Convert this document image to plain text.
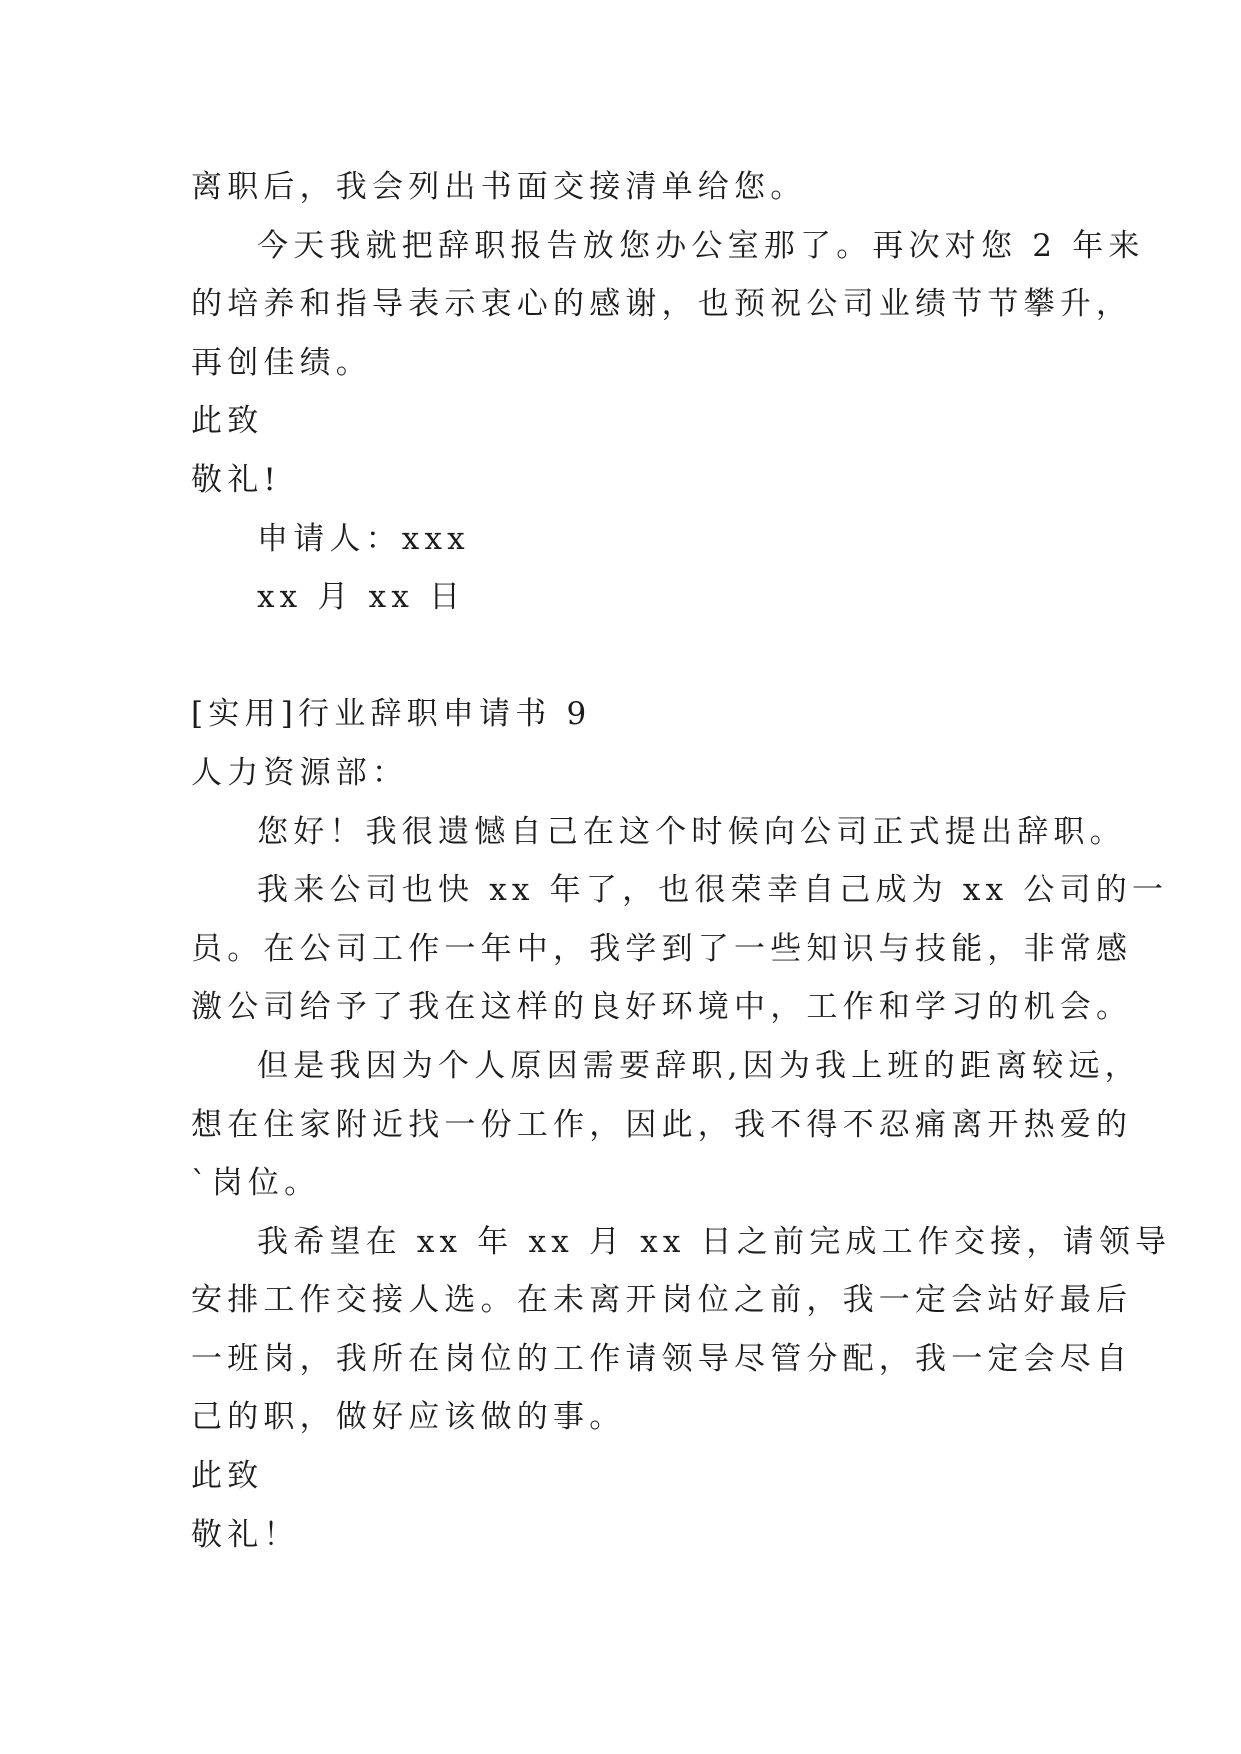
离职后，我会列出书面交接清单给您。
今天我就把辞职报告放您办公室那了。再次对您 2 年来
的培养和指导表示衷心的感谢，也预祝公司业绩节节攀升，
再创佳绩。
此致
敬礼!
申请人：xxx
xx 月 xx 日
[实用]行业辞职申请书 9
人力资源部：
您好！我很遗憾自己在这个时候向公司正式提出辞职。
我来公司也快 xx 年了，也很荣幸自己成为 xx 公司的一
员。在公司工作一年中，我学到了一些知识与技能，非常感
激公司给予了我在这样的良好环境中，工作和学习的机会。
但是我因为个人原因需要辞职,因为我上班的距离较远，
想在住家附近找一份工作，因此，我不得不忍痛离开热爱的
`岗位。
我希望在 xx 年 xx 月 xx 日之前完成工作交接，请领导
安排工作交接人选。在未离开岗位之前，我一定会站好最后
一班岗，我所在岗位的工作请领导尽管分配，我一定会尽自
己的职，做好应该做的事。
此致
敬礼！
